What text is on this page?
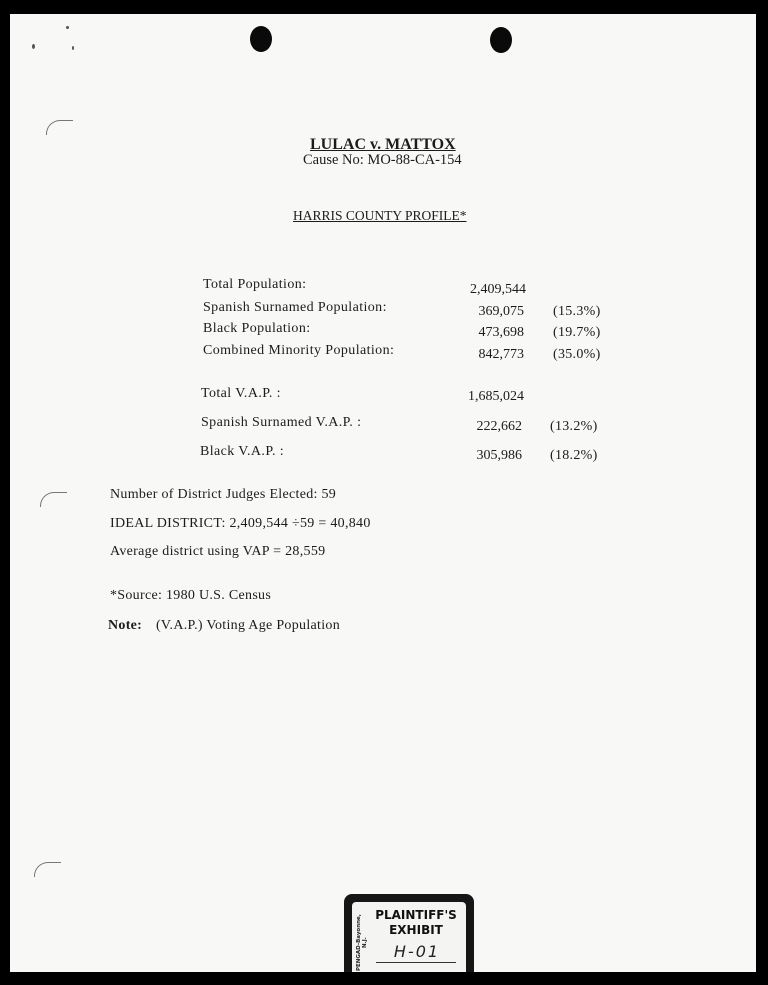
LULAC v. MATTOX
Cause No: MO-88-CA-154
HARRIS COUNTY PROFILE*
Total Population:	2,409,544
Spanish Surnamed Population:	369,075 (15.3%)
Black Population:	473,698 (19.7%)
Combined Minority Population:	842,773 (35.0%)
Total V.A.P. :	1,685,024
Spanish Surnamed V.A.P. :	222,662 (13.2%)
Black V.A.P. :	305,986 (18.2%)
Number of District Judges Elected: 59
IDEAL DISTRICT: 2,409,544 ÷59 = 40,840
Average district using VAP = 28,559
*Source: 1980 U.S. Census
Note: (V.A.P.) Voting Age Population
PENGAD-Bayonne, N.J.
PLAINTIFF'S
EXHIBIT
H-01
